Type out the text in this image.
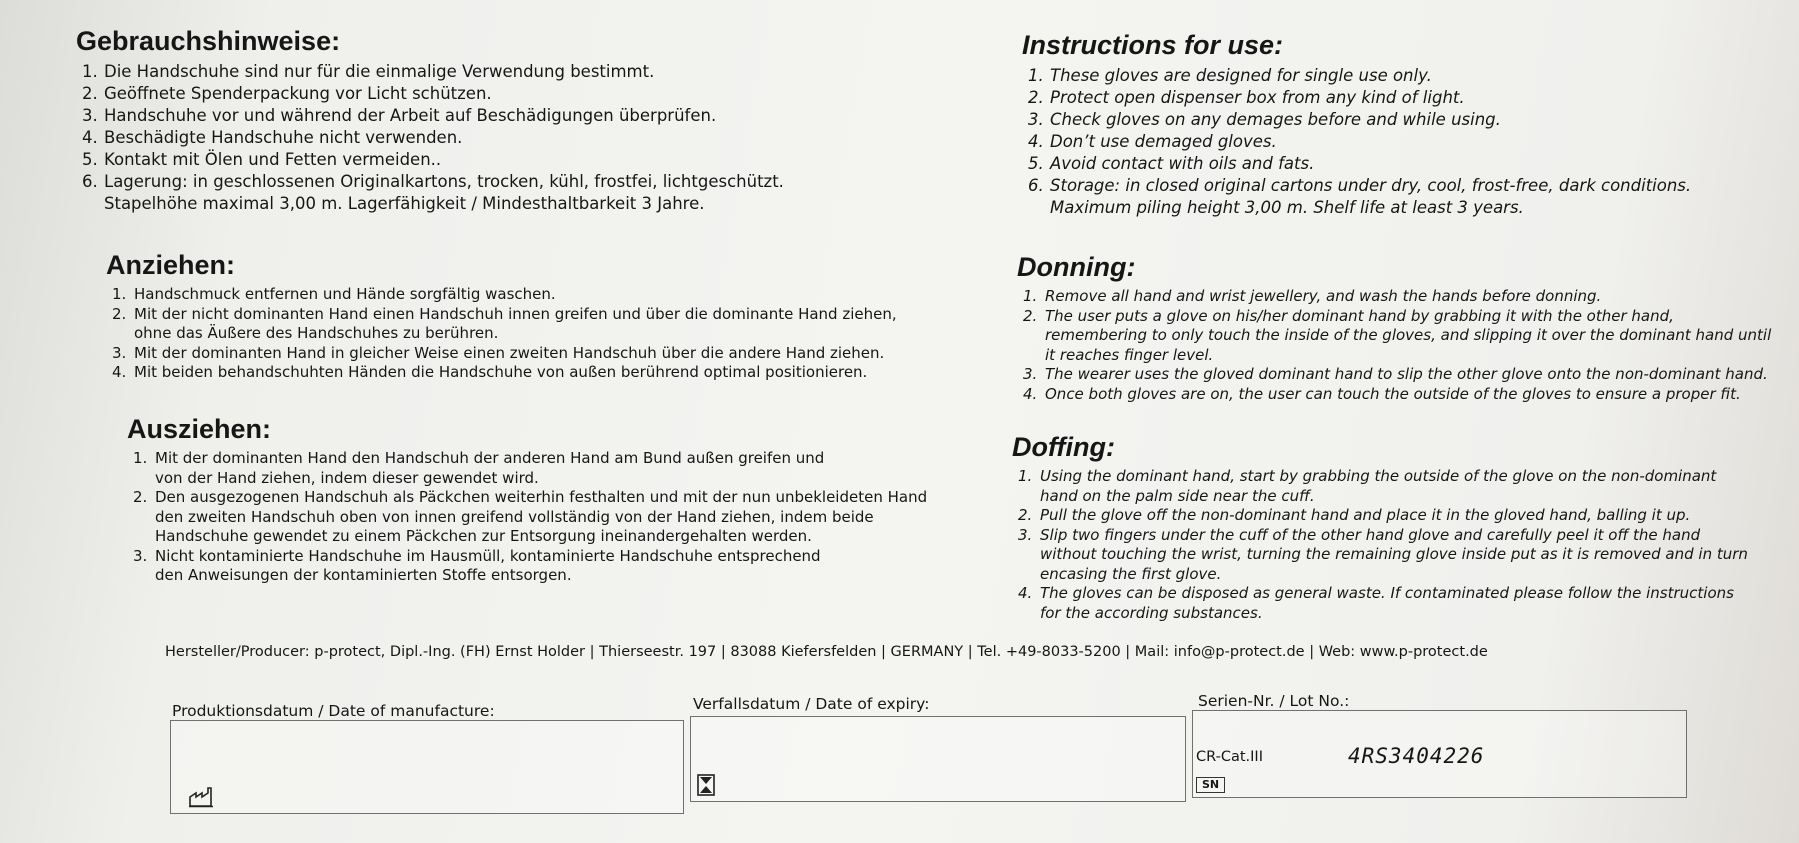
Gebrauchshinweise:
1. Die Handschuhe sind nur für die einmalige Verwendung bestimmt.
2. Geöffnete Spenderpackung vor Licht schützen.
3. Handschuhe vor und während der Arbeit auf Beschädigungen überprüfen.
4. Beschädigte Handschuhe nicht verwenden.
5. Kontakt mit Ölen und Fetten vermeiden..
6. Lagerung: in geschlossenen Originalkartons, trocken, kühl, frostfei, lichtgeschützt.
Stapelhöhe maximal 3,00 m. Lagerfähigkeit / Mindesthaltbarkeit 3 Jahre.
Anziehen:
1. Handschmuck entfernen und Hände sorgfältig waschen.
2. Mit der nicht dominanten Hand einen Handschuh innen greifen und über die dominante Hand ziehen,
ohne das Äußere des Handschuhes zu berühren.
3. Mit der dominanten Hand in gleicher Weise einen zweiten Handschuh über die andere Hand ziehen.
4. Mit beiden behandschuhten Händen die Handschuhe von außen berührend optimal positionieren.
Ausziehen:
1. Mit der dominanten Hand den Handschuh der anderen Hand am Bund außen greifen und
von der Hand ziehen, indem dieser gewendet wird.
2. Den ausgezogenen Handschuh als Päckchen weiterhin festhalten und mit der nun unbekleideten Hand
den zweiten Handschuh oben von innen greifend vollständig von der Hand ziehen, indem beide
Handschuhe gewendet zu einem Päckchen zur Entsorgung ineinandergehalten werden.
3. Nicht kontaminierte Handschuhe im Hausmüll, kontaminierte Handschuhe entsprechend
den Anweisungen der kontaminierten Stoffe entsorgen.
Instructions for use:
1. These gloves are designed for single use only.
2. Protect open dispenser box from any kind of light.
3. Check gloves on any demages before and while using.
4. Don’t use demaged gloves.
5. Avoid contact with oils and fats.
6. Storage: in closed original cartons under dry, cool, frost-free, dark conditions.
Maximum piling height 3,00 m. Shelf life at least 3 years.
Donning:
1. Remove all hand and wrist jewellery, and wash the hands before donning.
2. The user puts a glove on his/her dominant hand by grabbing it with the other hand,
remembering to only touch the inside of the gloves, and slipping it over the dominant hand until
it reaches finger level.
3. The wearer uses the gloved dominant hand to slip the other glove onto the non-dominant hand.
4. Once both gloves are on, the user can touch the outside of the gloves to ensure a proper fit.
Doffing:
1. Using the dominant hand, start by grabbing the outside of the glove on the non-dominant
hand on the palm side near the cuff.
2. Pull the glove off the non-dominant hand and place it in the gloved hand, balling it up.
3. Slip two fingers under the cuff of the other hand glove and carefully peel it off the hand
without touching the wrist, turning the remaining glove inside put as it is removed and in turn
encasing the first glove.
4. The gloves can be disposed as general waste. If contaminated please follow the instructions
for the according substances.
Hersteller/Producer: p-protect, Dipl.-Ing. (FH) Ernst Holder | Thierseestr. 197 | 83088 Kiefersfelden | GERMANY | Tel. +49-8033-5200 | Mail: info@p-protect.de | Web: www.p-protect.de
Produktionsdatum / Date of manufacture:	Verfallsdatum / Date of expiry:	Serien-Nr. / Lot No.:
CR-Cat.III	4RS3404226
SN
